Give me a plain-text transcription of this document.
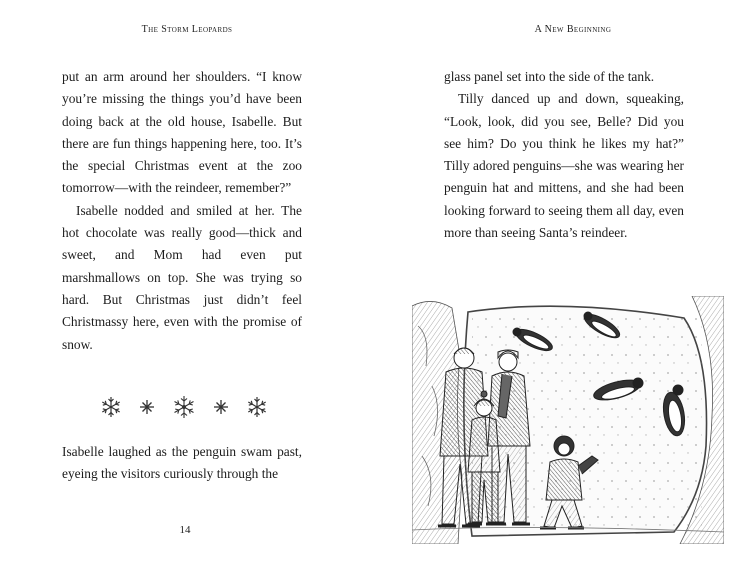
The Storm Leopards

put an arm around her shoulders. “I know you’re missing the things you’d have been doing back at the old house, Isabelle. But there are fun things happening here, too. It’s the special Christmas event at the zoo tomorrow—with the reindeer, remember?”

Isabelle nodded and smiled at her. The hot chocolate was really good—thick and sweet, and Mom had even put marshmallows on top. She was trying so hard. But Christmas just didn’t feel Christmassy here, even with the promise of snow.

Isabelle laughed as the penguin swam past, eyeing the visitors curiously through the

14
A New Beginning

glass panel set into the side of the tank.

Tilly danced up and down, squeaking, “Look, look, did you see, Belle? Did you see him? Do you think he likes my hat?” Tilly adored penguins—she was wearing her penguin hat and mittens, and she had been looking forward to seeing them all day, even more than seeing Santa’s reindeer.
